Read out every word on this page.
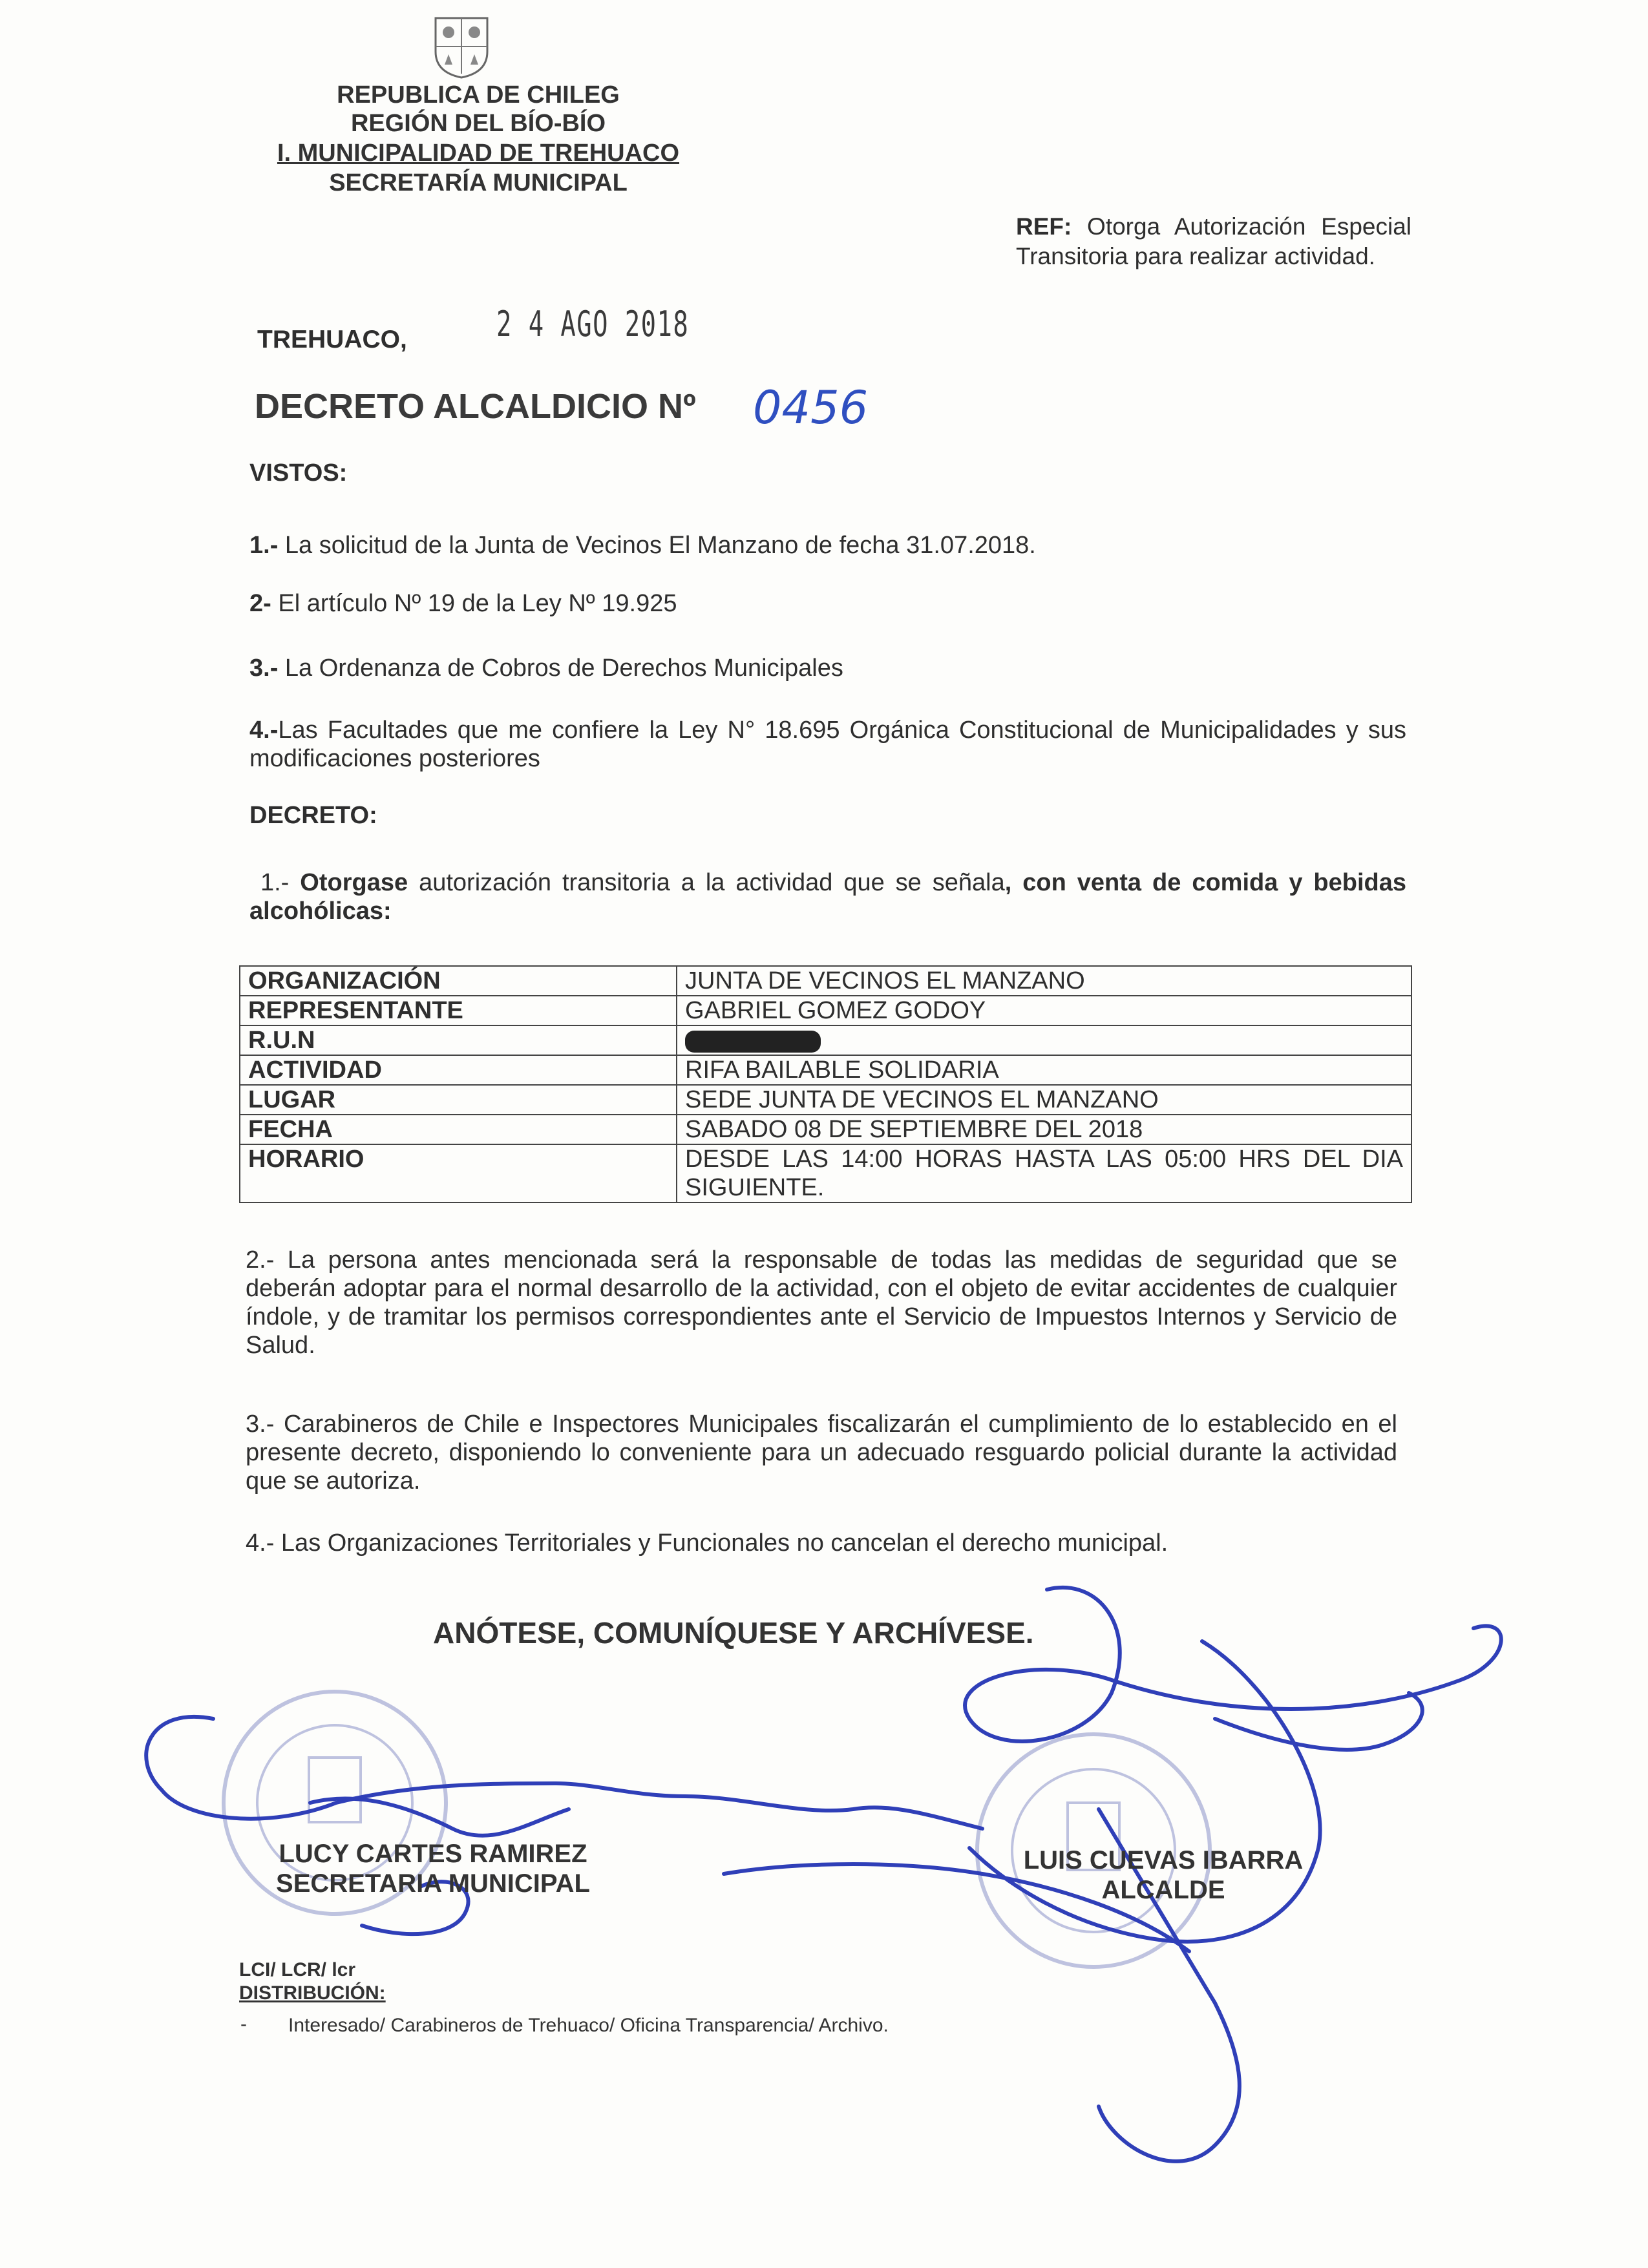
REPUBLICA DE CHILEG
REGIÓN DEL BÍO-BÍO
I. MUNICIPALIDAD DE TREHUACO
SECRETARÍA MUNICIPAL
REF: Otorga Autorización Especial Transitoria para realizar actividad.
TREHUACO,	2 4 AGO 2018
DECRETO ALCALDICIO Nº 0456
VISTOS:
1.- La solicitud de la Junta de Vecinos El Manzano de fecha 31.07.2018.
2- El artículo Nº 19 de la Ley Nº 19.925
3.- La Ordenanza de Cobros de Derechos Municipales
4.-Las Facultades que me confiere la Ley N° 18.695 Orgánica Constitucional de Municipalidades y sus modificaciones posteriores
DECRETO:
1.- Otorgase autorización transitoria a la actividad que se señala, con venta de comida y bebidas alcohólicas:
ORGANIZACIÓN	JUNTA DE VECINOS EL MANZANO
REPRESENTANTE	GABRIEL GOMEZ GODOY
R.U.N	
ACTIVIDAD	RIFA BAILABLE SOLIDARIA
LUGAR	SEDE JUNTA DE VECINOS EL MANZANO
FECHA	SABADO 08 DE SEPTIEMBRE DEL 2018
HORARIO	DESDE LAS 14:00 HORAS HASTA LAS 05:00 HRS DEL DIA SIGUIENTE.
2.- La persona antes mencionada será la responsable de todas las medidas de seguridad que se deberán adoptar para el normal desarrollo de la actividad, con el objeto de evitar accidentes de cualquier índole, y de tramitar los permisos correspondientes ante el Servicio de Impuestos Internos y Servicio de Salud.
3.- Carabineros de Chile e Inspectores Municipales fiscalizarán el cumplimiento de lo establecido en el presente decreto, disponiendo lo conveniente para un adecuado resguardo policial durante la actividad que se autoriza.
4.- Las Organizaciones Territoriales y Funcionales no cancelan el derecho municipal.
ANÓTESE, COMUNÍQUESE Y ARCHÍVESE.
LUCY CARTES RAMIREZ
SECRETARIA MUNICIPAL
LUIS CUEVAS IBARRA
ALCALDE
LCI/ LCR/ lcr
DISTRIBUCIÓN:
- Interesado/ Carabineros de Trehuaco/ Oficina Transparencia/ Archivo.
